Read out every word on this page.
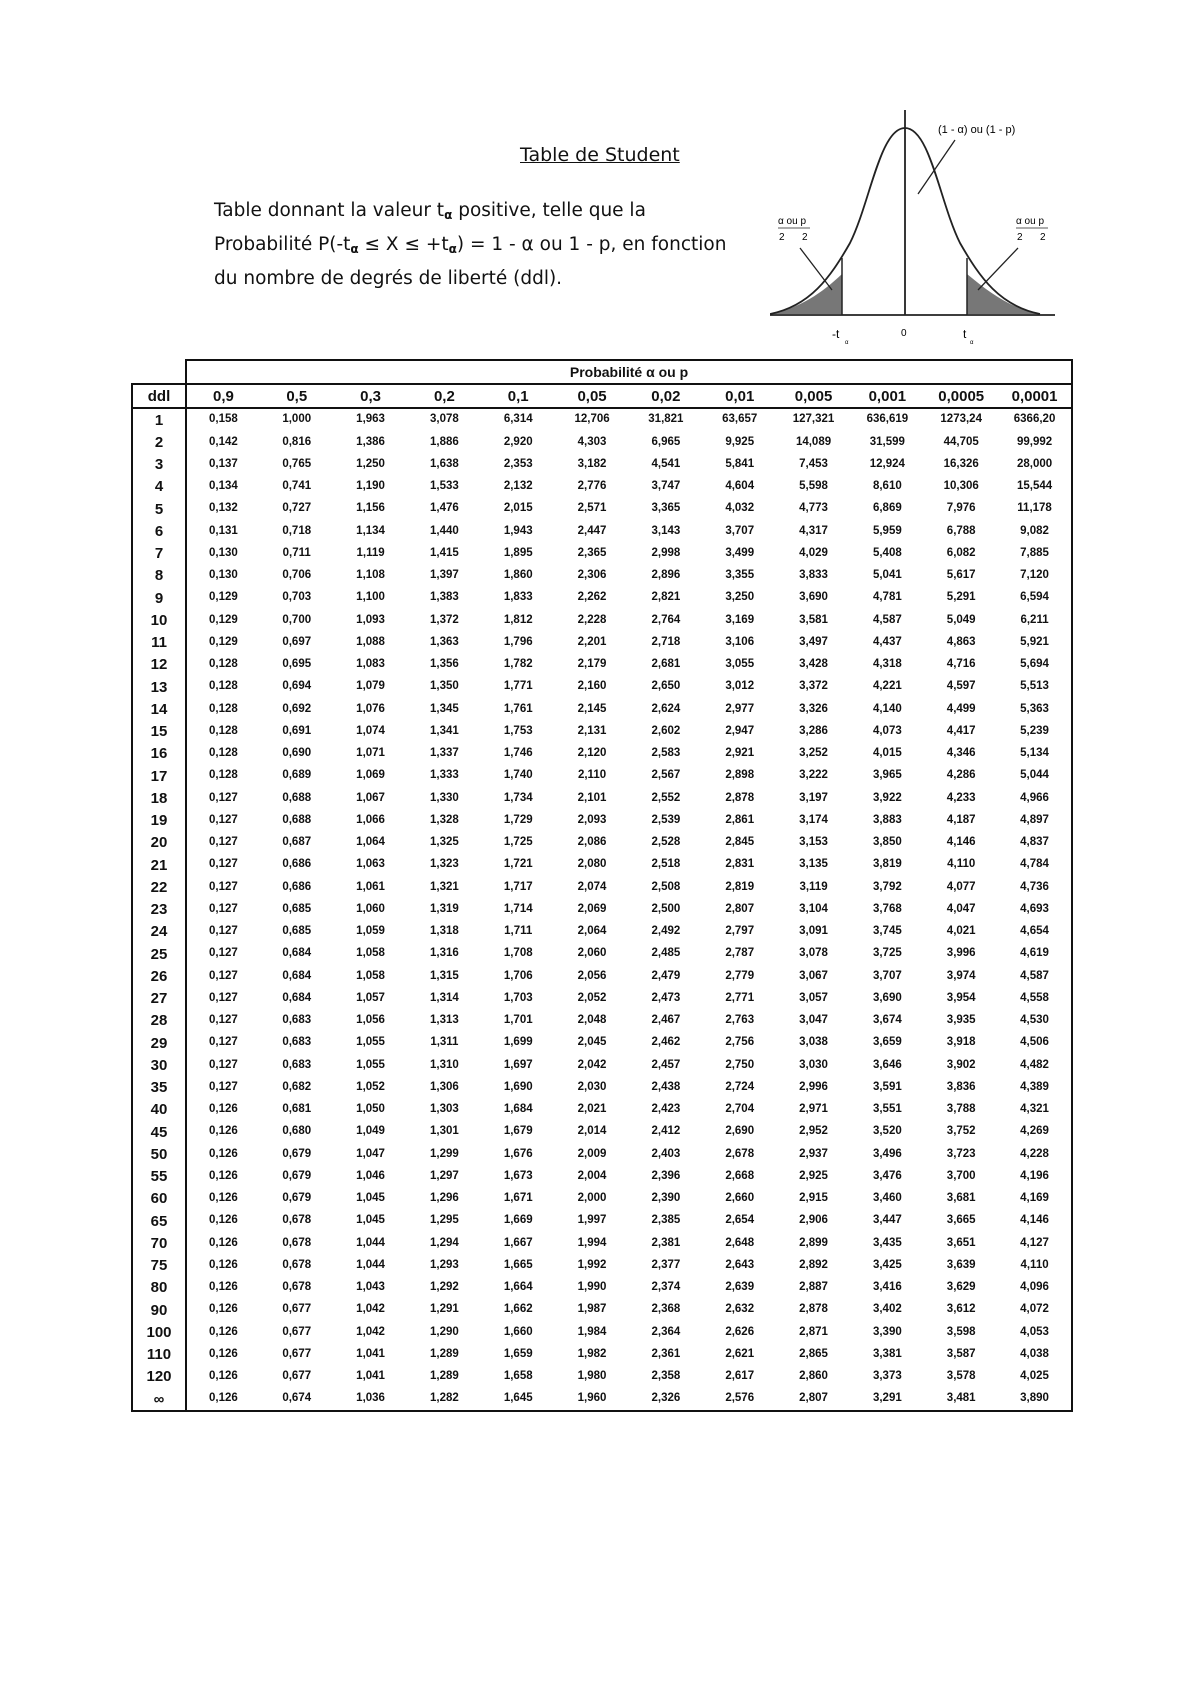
Table de Student
Table donnant la valeur $t_\alpha$ positive, telle que la
Probabilité $P(-t_\alpha \le X \le +t_\alpha) = 1 - \alpha$ ou 1 - p, en fonction
du nombre de degrés de liberté (ddl).
(1 - α) ou (1 - p)
α ou p
2 2
α ou p
2 2
-t
α
0	t
α
	Probabilité α ou p											
ddl	0,9	0,5	0,3	0,2	0,1	0,05	0,02	0,01	0,005	0,001	0,0005	0,0001
1	0,158	1,000	1,963	3,078	6,314	12,706	31,821	63,657	127,321	636,619	1273,24	6366,20
2	0,142	0,816	1,386	1,886	2,920	4,303	6,965	9,925	14,089	31,599	44,705	99,992
3	0,137	0,765	1,250	1,638	2,353	3,182	4,541	5,841	7,453	12,924	16,326	28,000
4	0,134	0,741	1,190	1,533	2,132	2,776	3,747	4,604	5,598	8,610	10,306	15,544
5	0,132	0,727	1,156	1,476	2,015	2,571	3,365	4,032	4,773	6,869	7,976	11,178
6	0,131	0,718	1,134	1,440	1,943	2,447	3,143	3,707	4,317	5,959	6,788	9,082
7	0,130	0,711	1,119	1,415	1,895	2,365	2,998	3,499	4,029	5,408	6,082	7,885
8	0,130	0,706	1,108	1,397	1,860	2,306	2,896	3,355	3,833	5,041	5,617	7,120
9	0,129	0,703	1,100	1,383	1,833	2,262	2,821	3,250	3,690	4,781	5,291	6,594
10	0,129	0,700	1,093	1,372	1,812	2,228	2,764	3,169	3,581	4,587	5,049	6,211
11	0,129	0,697	1,088	1,363	1,796	2,201	2,718	3,106	3,497	4,437	4,863	5,921
12	0,128	0,695	1,083	1,356	1,782	2,179	2,681	3,055	3,428	4,318	4,716	5,694
13	0,128	0,694	1,079	1,350	1,771	2,160	2,650	3,012	3,372	4,221	4,597	5,513
14	0,128	0,692	1,076	1,345	1,761	2,145	2,624	2,977	3,326	4,140	4,499	5,363
15	0,128	0,691	1,074	1,341	1,753	2,131	2,602	2,947	3,286	4,073	4,417	5,239
16	0,128	0,690	1,071	1,337	1,746	2,120	2,583	2,921	3,252	4,015	4,346	5,134
17	0,128	0,689	1,069	1,333	1,740	2,110	2,567	2,898	3,222	3,965	4,286	5,044
18	0,127	0,688	1,067	1,330	1,734	2,101	2,552	2,878	3,197	3,922	4,233	4,966
19	0,127	0,688	1,066	1,328	1,729	2,093	2,539	2,861	3,174	3,883	4,187	4,897
20	0,127	0,687	1,064	1,325	1,725	2,086	2,528	2,845	3,153	3,850	4,146	4,837
21	0,127	0,686	1,063	1,323	1,721	2,080	2,518	2,831	3,135	3,819	4,110	4,784
22	0,127	0,686	1,061	1,321	1,717	2,074	2,508	2,819	3,119	3,792	4,077	4,736
23	0,127	0,685	1,060	1,319	1,714	2,069	2,500	2,807	3,104	3,768	4,047	4,693
24	0,127	0,685	1,059	1,318	1,711	2,064	2,492	2,797	3,091	3,745	4,021	4,654
25	0,127	0,684	1,058	1,316	1,708	2,060	2,485	2,787	3,078	3,725	3,996	4,619
26	0,127	0,684	1,058	1,315	1,706	2,056	2,479	2,779	3,067	3,707	3,974	4,587
27	0,127	0,684	1,057	1,314	1,703	2,052	2,473	2,771	3,057	3,690	3,954	4,558
28	0,127	0,683	1,056	1,313	1,701	2,048	2,467	2,763	3,047	3,674	3,935	4,530
29	0,127	0,683	1,055	1,311	1,699	2,045	2,462	2,756	3,038	3,659	3,918	4,506
30	0,127	0,683	1,055	1,310	1,697	2,042	2,457	2,750	3,030	3,646	3,902	4,482
35	0,127	0,682	1,052	1,306	1,690	2,030	2,438	2,724	2,996	3,591	3,836	4,389
40	0,126	0,681	1,050	1,303	1,684	2,021	2,423	2,704	2,971	3,551	3,788	4,321
45	0,126	0,680	1,049	1,301	1,679	2,014	2,412	2,690	2,952	3,520	3,752	4,269
50	0,126	0,679	1,047	1,299	1,676	2,009	2,403	2,678	2,937	3,496	3,723	4,228
55	0,126	0,679	1,046	1,297	1,673	2,004	2,396	2,668	2,925	3,476	3,700	4,196
60	0,126	0,679	1,045	1,296	1,671	2,000	2,390	2,660	2,915	3,460	3,681	4,169
65	0,126	0,678	1,045	1,295	1,669	1,997	2,385	2,654	2,906	3,447	3,665	4,146
70	0,126	0,678	1,044	1,294	1,667	1,994	2,381	2,648	2,899	3,435	3,651	4,127
75	0,126	0,678	1,044	1,293	1,665	1,992	2,377	2,643	2,892	3,425	3,639	4,110
80	0,126	0,678	1,043	1,292	1,664	1,990	2,374	2,639	2,887	3,416	3,629	4,096
90	0,126	0,677	1,042	1,291	1,662	1,987	2,368	2,632	2,878	3,402	3,612	4,072
100	0,126	0,677	1,042	1,290	1,660	1,984	2,364	2,626	2,871	3,390	3,598	4,053
110	0,126	0,677	1,041	1,289	1,659	1,982	2,361	2,621	2,865	3,381	3,587	4,038
120	0,126	0,677	1,041	1,289	1,658	1,980	2,358	2,617	2,860	3,373	3,578	4,025
∞	0,126	0,674	1,036	1,282	1,645	1,960	2,326	2,576	2,807	3,291	3,481	3,890
